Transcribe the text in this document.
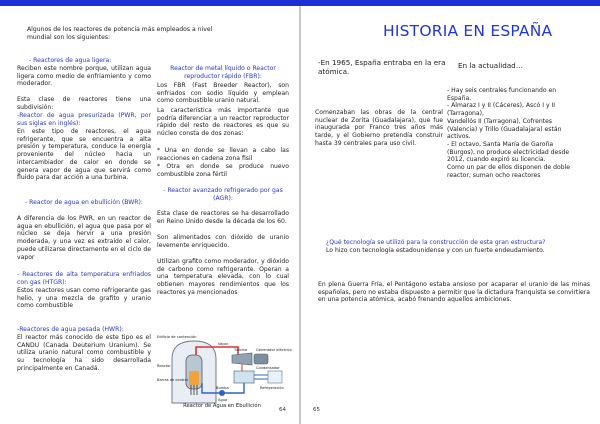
Algunos de los reactores de potencia más empleados a nivel mundial son los siguientes:

- Reactores de agua ligera:

Reciben este nombre porque, utilizan agua ligera como medio de enfriamiento y como moderador.

Esta clase de reactores tiene una subdivisión:

-Reactor de agua presurizada (PWR, por sus siglas en inglés):

En este tipo de reactores, el agua refrigerante, que se encuentra a alta presión y temperatura, conduce la energía proveniente del núcleo hacia un intercambiador de calor en donde se genera vapor de agua que servirá como fluido para dar acción a una turbina.

- Reactor de agua en ebullición (BWR):

A diferencia de los PWR, en un reactor de agua en ebullición, el agua que pasa por el núcleo se deja hervir a una presión moderada, y una vez es extraído el calor, puede utilizarse directamente en el ciclo de vapor

- Reactores de alta temperatura enfriados con gas (HTGR):

Estos reactores usan como refrigerante gas helio, y una mezcla de grafito y uranio como combustible

-Reactores de agua pesada (HWR):

El reactor más conocido de este tipo es el CANDU (Canada Deuterium Uranium). Se utiliza uranio natural como combustible y su tecnología ha sido desarrollada principalmente en Canadá.

Reactor de metal líquido o Reactor reproductor rápido (FBR):

Los FBR (Fast Breeder Reactor), son enfriados con sodio líquido y emplean como combustible uranio natural.

La característica más importante que podría diferenciar a un reactor reproductor rápido del resto de reactores es que su núcleo consta de dos zonas:

* Una en donde se llevan a cabo las reacciones en cadena zona fisil

* Otra en donde se produce nuevo combustible zona fértil

- Reactor avanzado refrigerado por gas (AGR):

Esta clase de reactores se ha desarrollado en Reino Unido desde la década de los 60.

Son alimentados con dióxido de uranio levemente enriquecido.

Utilizan grafito como moderador, y dióxido de carbono como refrigerante. Operan a una temperatura elevada, con lo cual obtienen mayores rendimientos que los reactores ya mencionados

Edificio de contención
Vapor
Turbina Generador eléctrico
Condensador
Refrigeración
Agua
Barras de control
Reactor
Bomba
Reactor de Agua en Ebullición
64
HISTORIA EN ESPAÑA

-En 1965, España entraba en la era atómica.

En la actualidad…

Comenzaban las obras de la central nuclear de Zorita (Guadalajara), que fue inaugurada por Franco tres años más tarde, y el Gobierno pretendía construir hasta 39 centrales para uso civil.

- Hay seis centrales funcionando en España.
- Almaraz I y II (Cáceres), Ascó I y II (Tarragona),
Vandellós II (Tarragona), Cofrentes (Valencia) y Trillo (Guadalajara) están activos.
- El octavo, Santa María de Garoña (Burgos), no produce electricidad desde 2012, cuando expiró su licencia.
Como un par de ellos disponen de doble reactor, suman ocho reactores

¿Qué tecnología se utilizó para la construcción de esta gran estructura?

Lo hizo con tecnología estadounidense y con un fuerte endeudamiento.

En plena Guerra Fría, el Pentágono estaba ansioso por acaparar el uranio de las minas españolas, pero no estaba dispuesto a permitir que la dictadura franquista se convirtiera en una potencia atómica, acabó frenando aquellos ambiciones.

65
